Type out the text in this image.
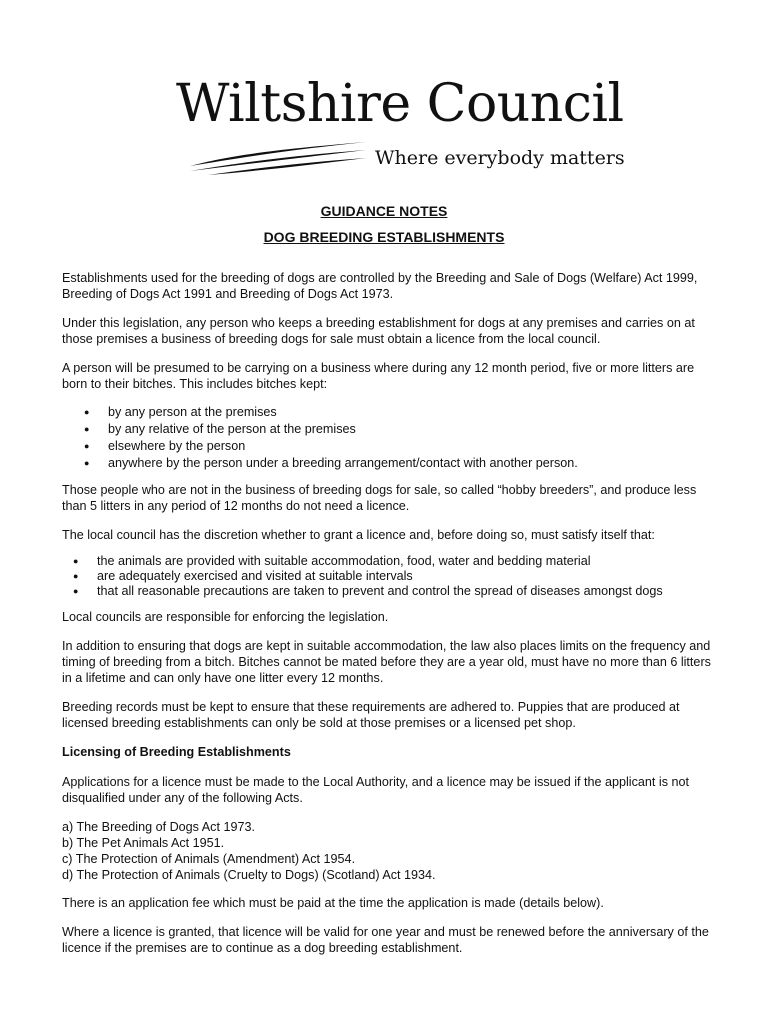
Wiltshire Council
Where everybody matters
GUIDANCE NOTES
DOG BREEDING ESTABLISHMENTS

Establishments used for the breeding of dogs are controlled by the Breeding and Sale of Dogs (Welfare) Act 1999, Breeding of Dogs Act 1991 and Breeding of Dogs Act 1973.

Under this legislation, any person who keeps a breeding establishment for dogs at any premises and carries on at those premises a business of breeding dogs for sale must obtain a licence from the local council.

A person will be presumed to be carrying on a business where during any 12 month period, five or more litters are born to their bitches. This includes bitches kept:

● by any person at the premises
● by any relative of the person at the premises
● elsewhere by the person
● anywhere by the person under a breeding arrangement/contact with another person.

Those people who are not in the business of breeding dogs for sale, so called “hobby breeders”, and produce less than 5 litters in any period of 12 months do not need a licence.

The local council has the discretion whether to grant a licence and, before doing so, must satisfy itself that:

● the animals are provided with suitable accommodation, food, water and bedding material
● are adequately exercised and visited at suitable intervals
● that all reasonable precautions are taken to prevent and control the spread of diseases amongst dogs

Local councils are responsible for enforcing the legislation.

In addition to ensuring that dogs are kept in suitable accommodation, the law also places limits on the frequency and timing of breeding from a bitch. Bitches cannot be mated before they are a year old, must have no more than 6 litters in a lifetime and can only have one litter every 12 months.

Breeding records must be kept to ensure that these requirements are adhered to. Puppies that are produced at licensed breeding establishments can only be sold at those premises or a licensed pet shop.

Licensing of Breeding Establishments

Applications for a licence must be made to the Local Authority, and a licence may be issued if the applicant is not disqualified under any of the following Acts.

a) The Breeding of Dogs Act 1973.
b) The Pet Animals Act 1951.
c) The Protection of Animals (Amendment) Act 1954.
d) The Protection of Animals (Cruelty to Dogs) (Scotland) Act 1934.

There is an application fee which must be paid at the time the application is made (details below).

Where a licence is granted, that licence will be valid for one year and must be renewed before the anniversary of the licence if the premises are to continue as a dog breeding establishment.
